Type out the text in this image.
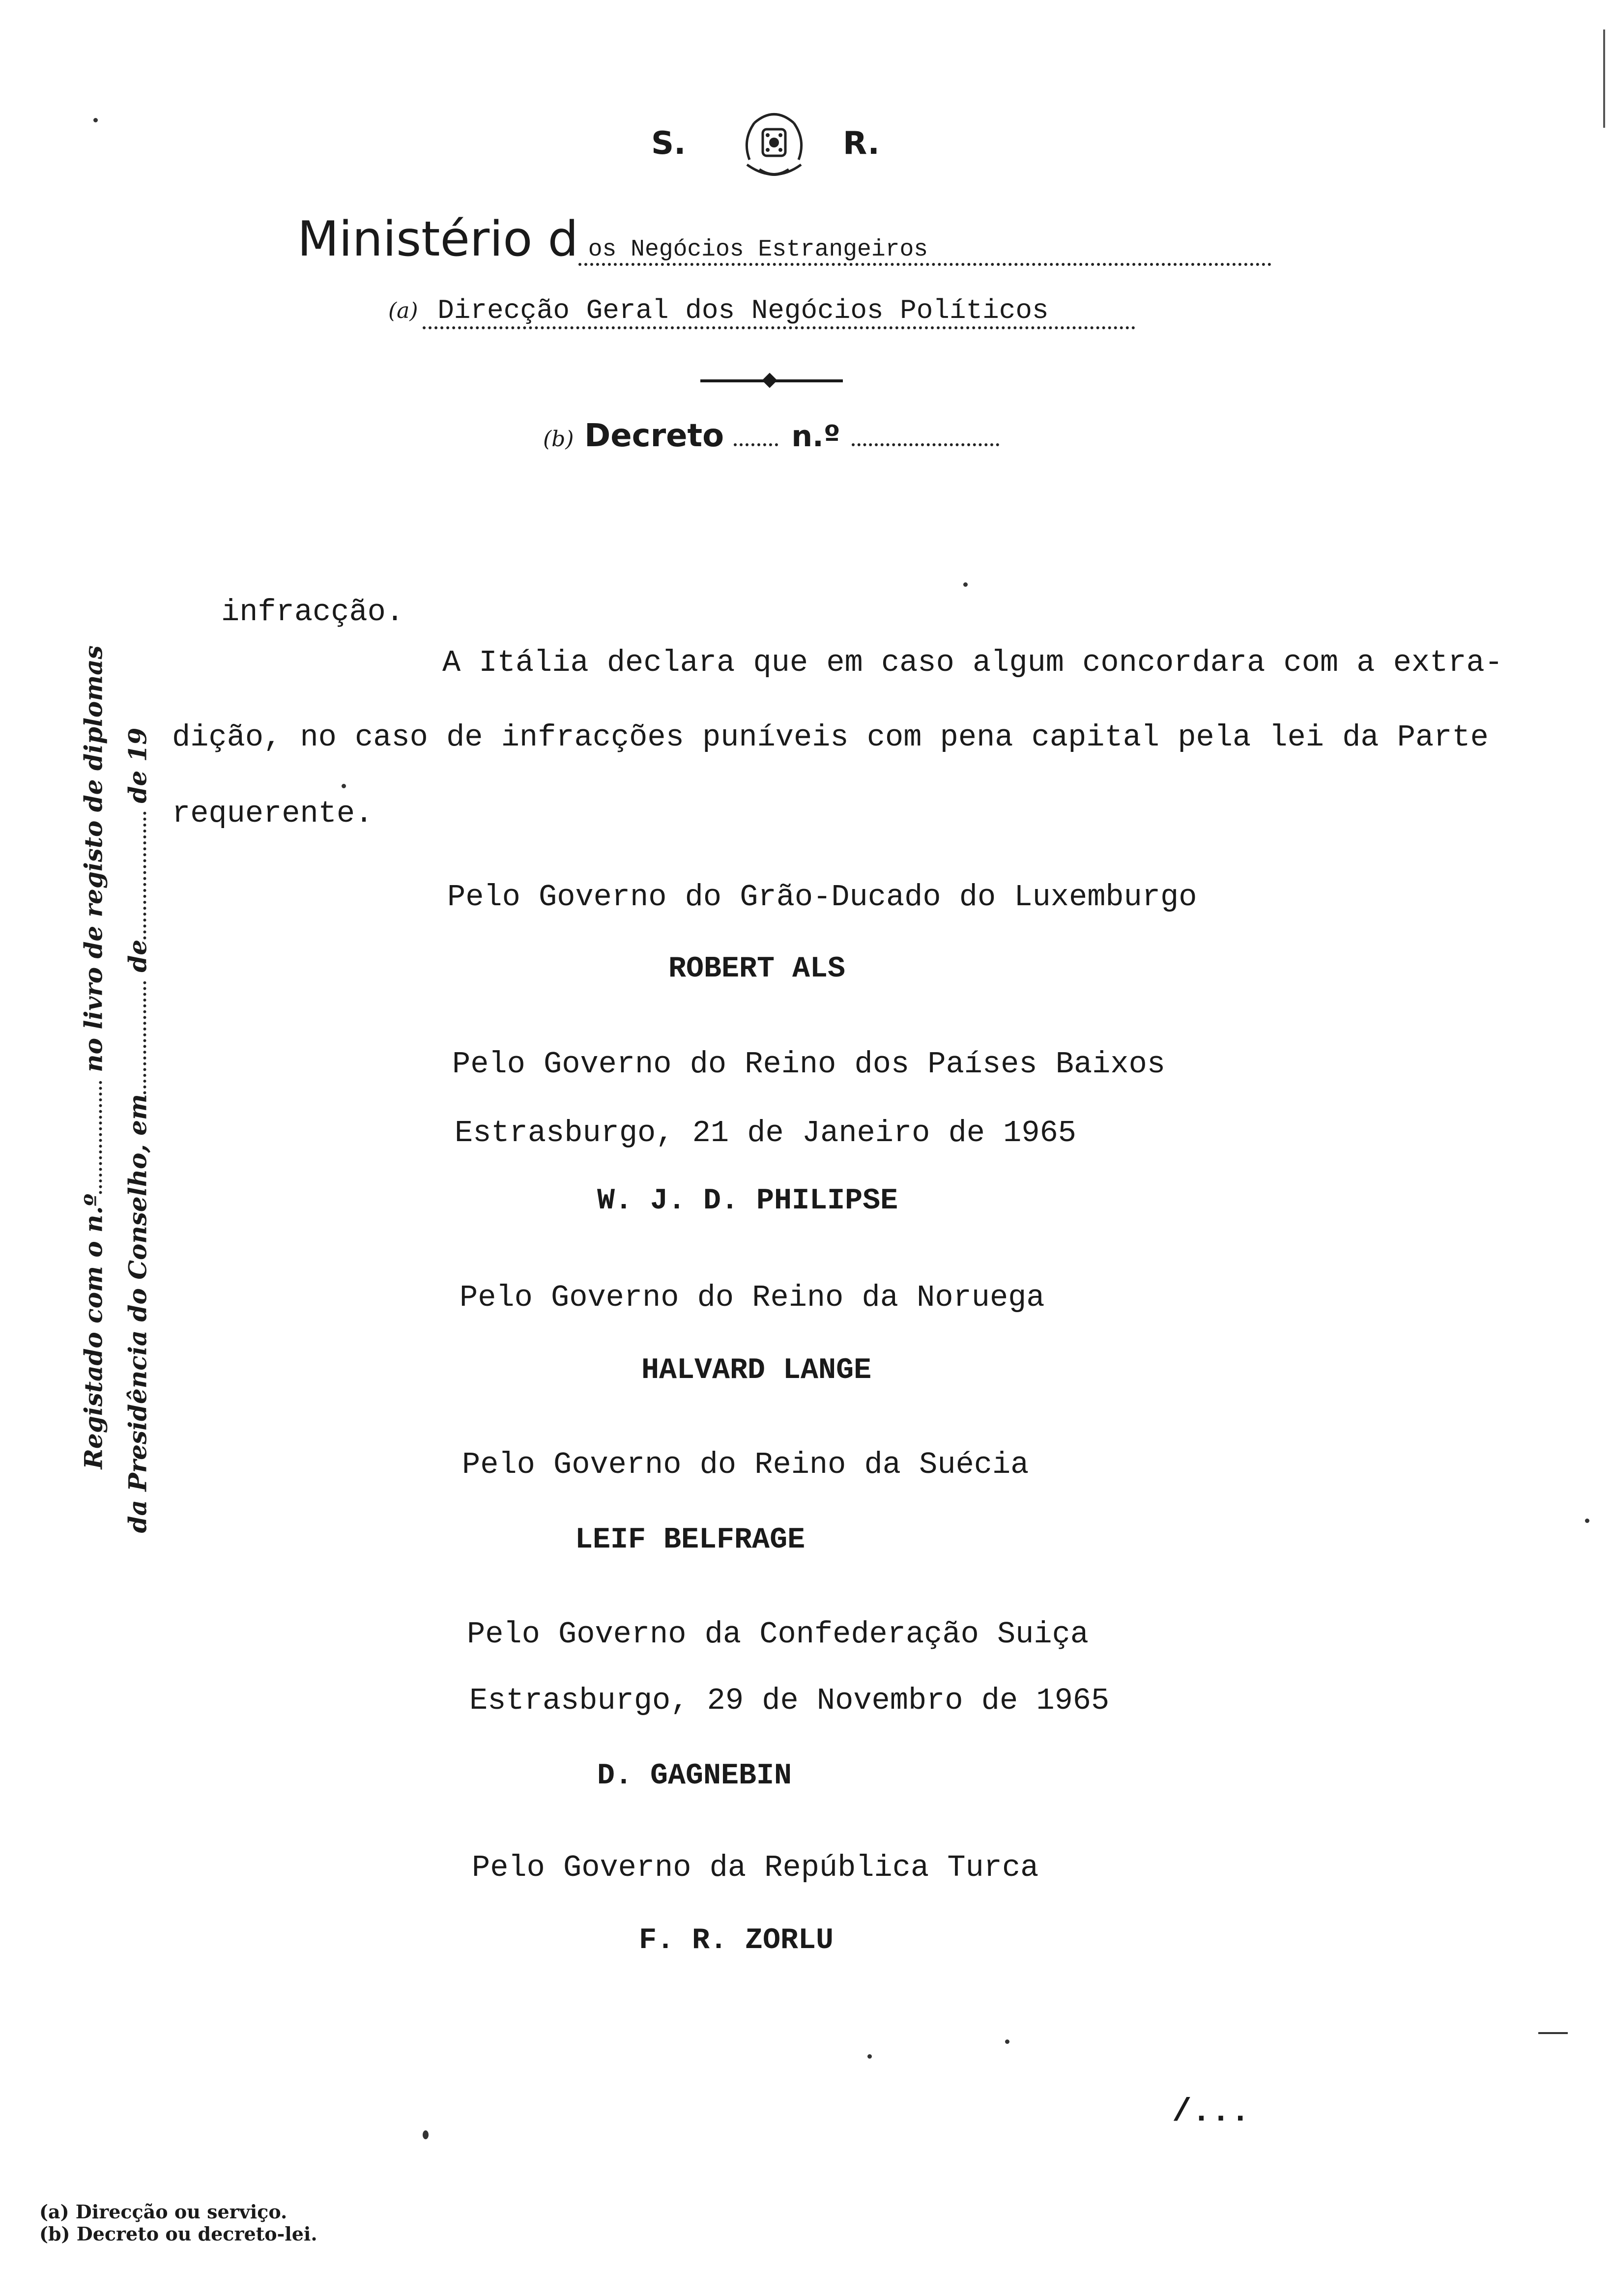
S.	R.
Ministério d os Negócios Estrangeiros
(a) Direcção Geral dos Negócios Políticos
(b) Decreto n.º
Registado com o n.º no livro de registo de diplomas
da Presidência do Conselho, em de de 19
infracção.
A Itália declara que em caso algum concordara com a extra-
dição, no caso de infracções puníveis com pena capital pela lei da Parte
requerente.
Pelo Governo do Grão-Ducado do Luxemburgo
ROBERT ALS
Pelo Governo do Reino dos Países Baixos
Estrasburgo, 21 de Janeiro de 1965
W. J. D. PHILIPSE
Pelo Governo do Reino da Noruega
HALVARD LANGE
Pelo Governo do Reino da Suécia
LEIF BELFRAGE
Pelo Governo da Confederação Suiça
Estrasburgo, 29 de Novembro de 1965
D. GAGNEBIN
Pelo Governo da República Turca
F. R. ZORLU
/...
(a) Direcção ou serviço.
(b) Decreto ou decreto-lei.
